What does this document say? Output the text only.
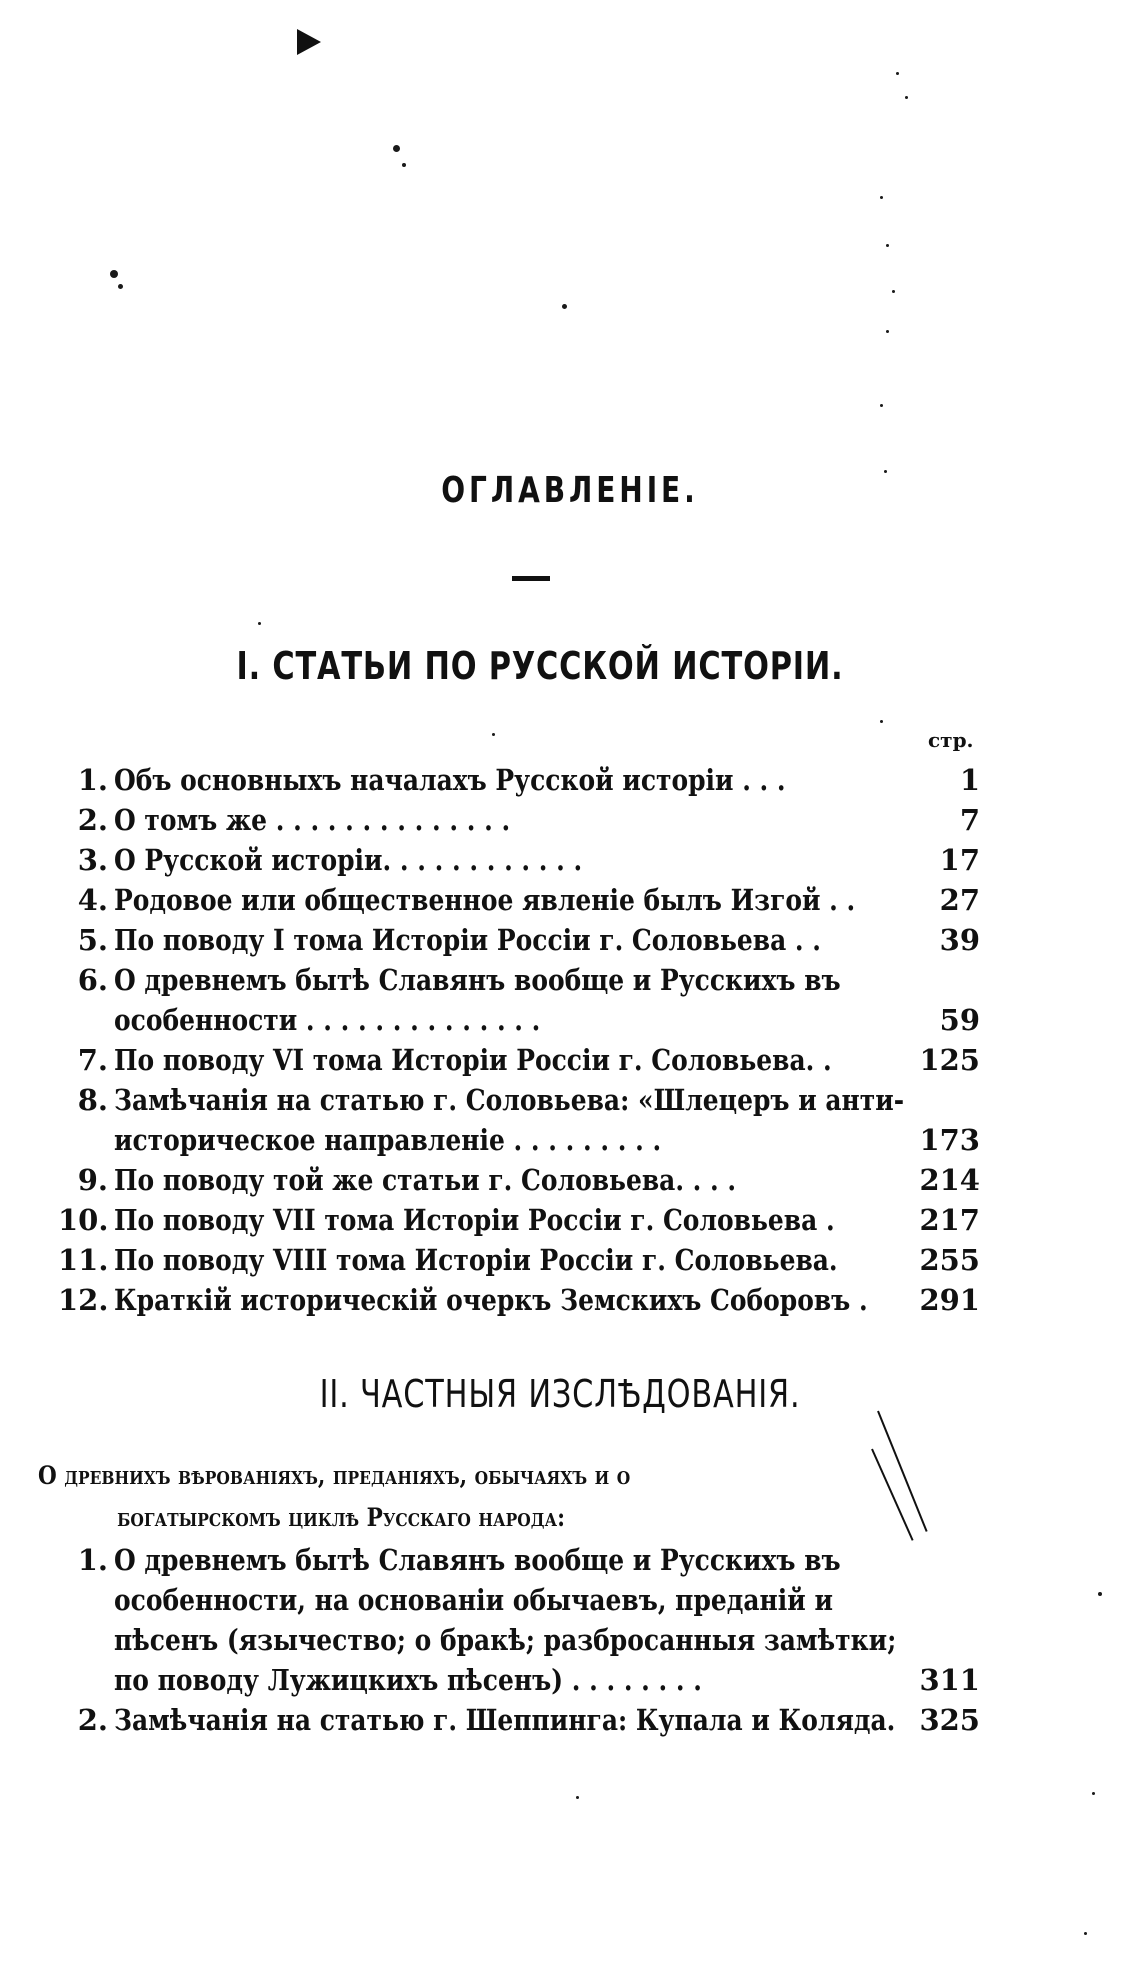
ОГЛАВЛЕНІЕ.
I. СТАТЬИ ПО РУССКОЙ ИСТОРІИ.
стр.
1. Объ основныхъ началахъ Русской исторіи . . .	1
2. О томъ же . . . . . . . . . . . . . .	7
3. О Русской исторіи. . . . . . . . . . . .	17
4. Родовое или общественное явленіе былъ Изгой . .	27
5. По поводу I тома Исторіи Россіи г. Соловьева . .	39
6. О древнемъ бытѣ Славянъ вообще и Русскихъ въ
особенности . . . . . . . . . . . . . .	59
7. По поводу VI тома Исторіи Россіи г. Соловьева. .	125
8. Замѣчанія на статью г. Соловьева: «Шлецеръ и анти-
историческое направленіе . . . . . . . . .	173
9. По поводу той же статьи г. Соловьева. . . .	214
10. По поводу VII тома Исторіи Россіи г. Соловьева .	217
11. По поводу VIII тома Исторіи Россіи г. Соловьева.	255
12. Краткій историческій очеркъ Земскихъ Соборовъ .	291
II. ЧАСТНЫЯ ИЗСЛѢДОВАНІЯ.
О древнихъ вѣрованіяхъ, преданіяхъ, обычаяхъ и о
богатырскомъ циклѣ Русскаго народа:
1. О древнемъ бытѣ Славянъ вообще и Русскихъ въ
особенности, на основаніи обычаевъ, преданій и
пѣсенъ (язычество; о бракѣ; разбросанныя замѣтки;
по поводу Лужицкихъ пѣсенъ) . . . . . . . .	311
2. Замѣчанія на статью г. Шеппинга: Купала и Коляда. 325
